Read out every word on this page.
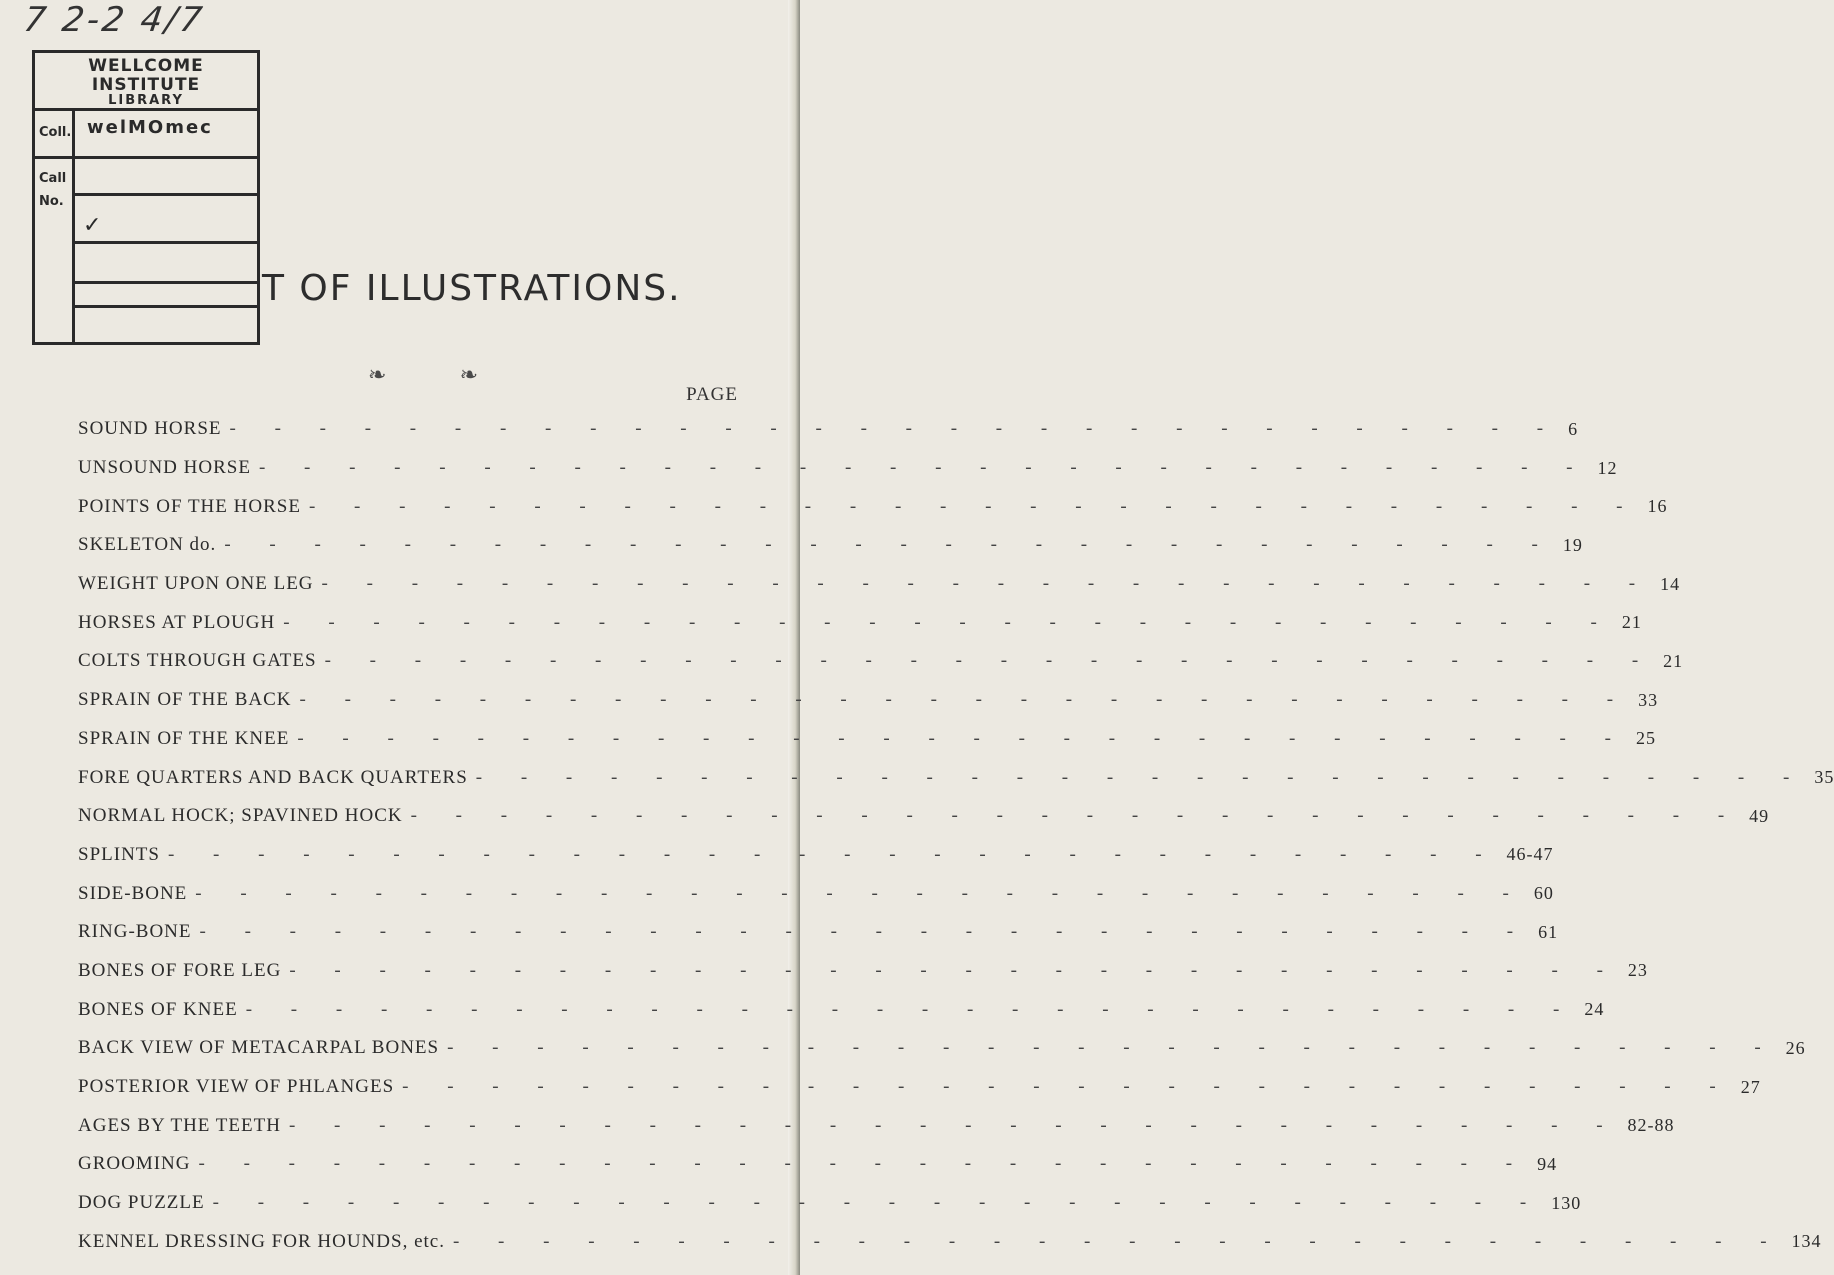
7 2-2 4/7
WELLCOME INSTITUTE
LIBRARY
Coll. welMOmec
Call
No.
✓
T OF ILLUSTRATIONS.
❧	❧
PAGE
SOUND HORSE - - - - - - - - - - - - - - - - - - - - - - - - - - - - - - 6
UNSOUND HORSE - - - - - - - - - - - - - - - - - - - - - - - - - - - - - - 12
POINTS OF THE HORSE - - - - - - - - - - - - - - - - - - - - - - - - - - - - - - 16
SKELETON do. - - - - - - - - - - - - - - - - - - - - - - - - - - - - - - 19
WEIGHT UPON ONE LEG - - - - - - - - - - - - - - - - - - - - - - - - - - - - - - 14
HORSES AT PLOUGH - - - - - - - - - - - - - - - - - - - - - - - - - - - - - - 21
COLTS THROUGH GATES - - - - - - - - - - - - - - - - - - - - - - - - - - - - - - 21
SPRAIN OF THE BACK - - - - - - - - - - - - - - - - - - - - - - - - - - - - - - 33
SPRAIN OF THE KNEE - - - - - - - - - - - - - - - - - - - - - - - - - - - - - - 25
FORE QUARTERS AND BACK QUARTERS - - - - - - - - - - - - - - - - - - - - - - - - - - - - - - 35
NORMAL HOCK; SPAVINED HOCK - - - - - - - - - - - - - - - - - - - - - - - - - - - - - - 49
SPLINTS - - - - - - - - - - - - - - - - - - - - - - - - - - - - - - 46-47
SIDE-BONE - - - - - - - - - - - - - - - - - - - - - - - - - - - - - - 60
RING-BONE - - - - - - - - - - - - - - - - - - - - - - - - - - - - - - 61
BONES OF FORE LEG - - - - - - - - - - - - - - - - - - - - - - - - - - - - - - 23
BONES OF KNEE - - - - - - - - - - - - - - - - - - - - - - - - - - - - - - 24
BACK VIEW OF METACARPAL BONES - - - - - - - - - - - - - - - - - - - - - - - - - - - - - - 26
POSTERIOR VIEW OF PHLANGES - - - - - - - - - - - - - - - - - - - - - - - - - - - - - - 27
AGES BY THE TEETH - - - - - - - - - - - - - - - - - - - - - - - - - - - - - - 82-88
GROOMING - - - - - - - - - - - - - - - - - - - - - - - - - - - - - - 94
DOG PUZZLE - - - - - - - - - - - - - - - - - - - - - - - - - - - - - - 130
KENNEL DRESSING FOR HOUNDS, etc. - - - - - - - - - - - - - - - - - - - - - - - - - - - - - - 134
